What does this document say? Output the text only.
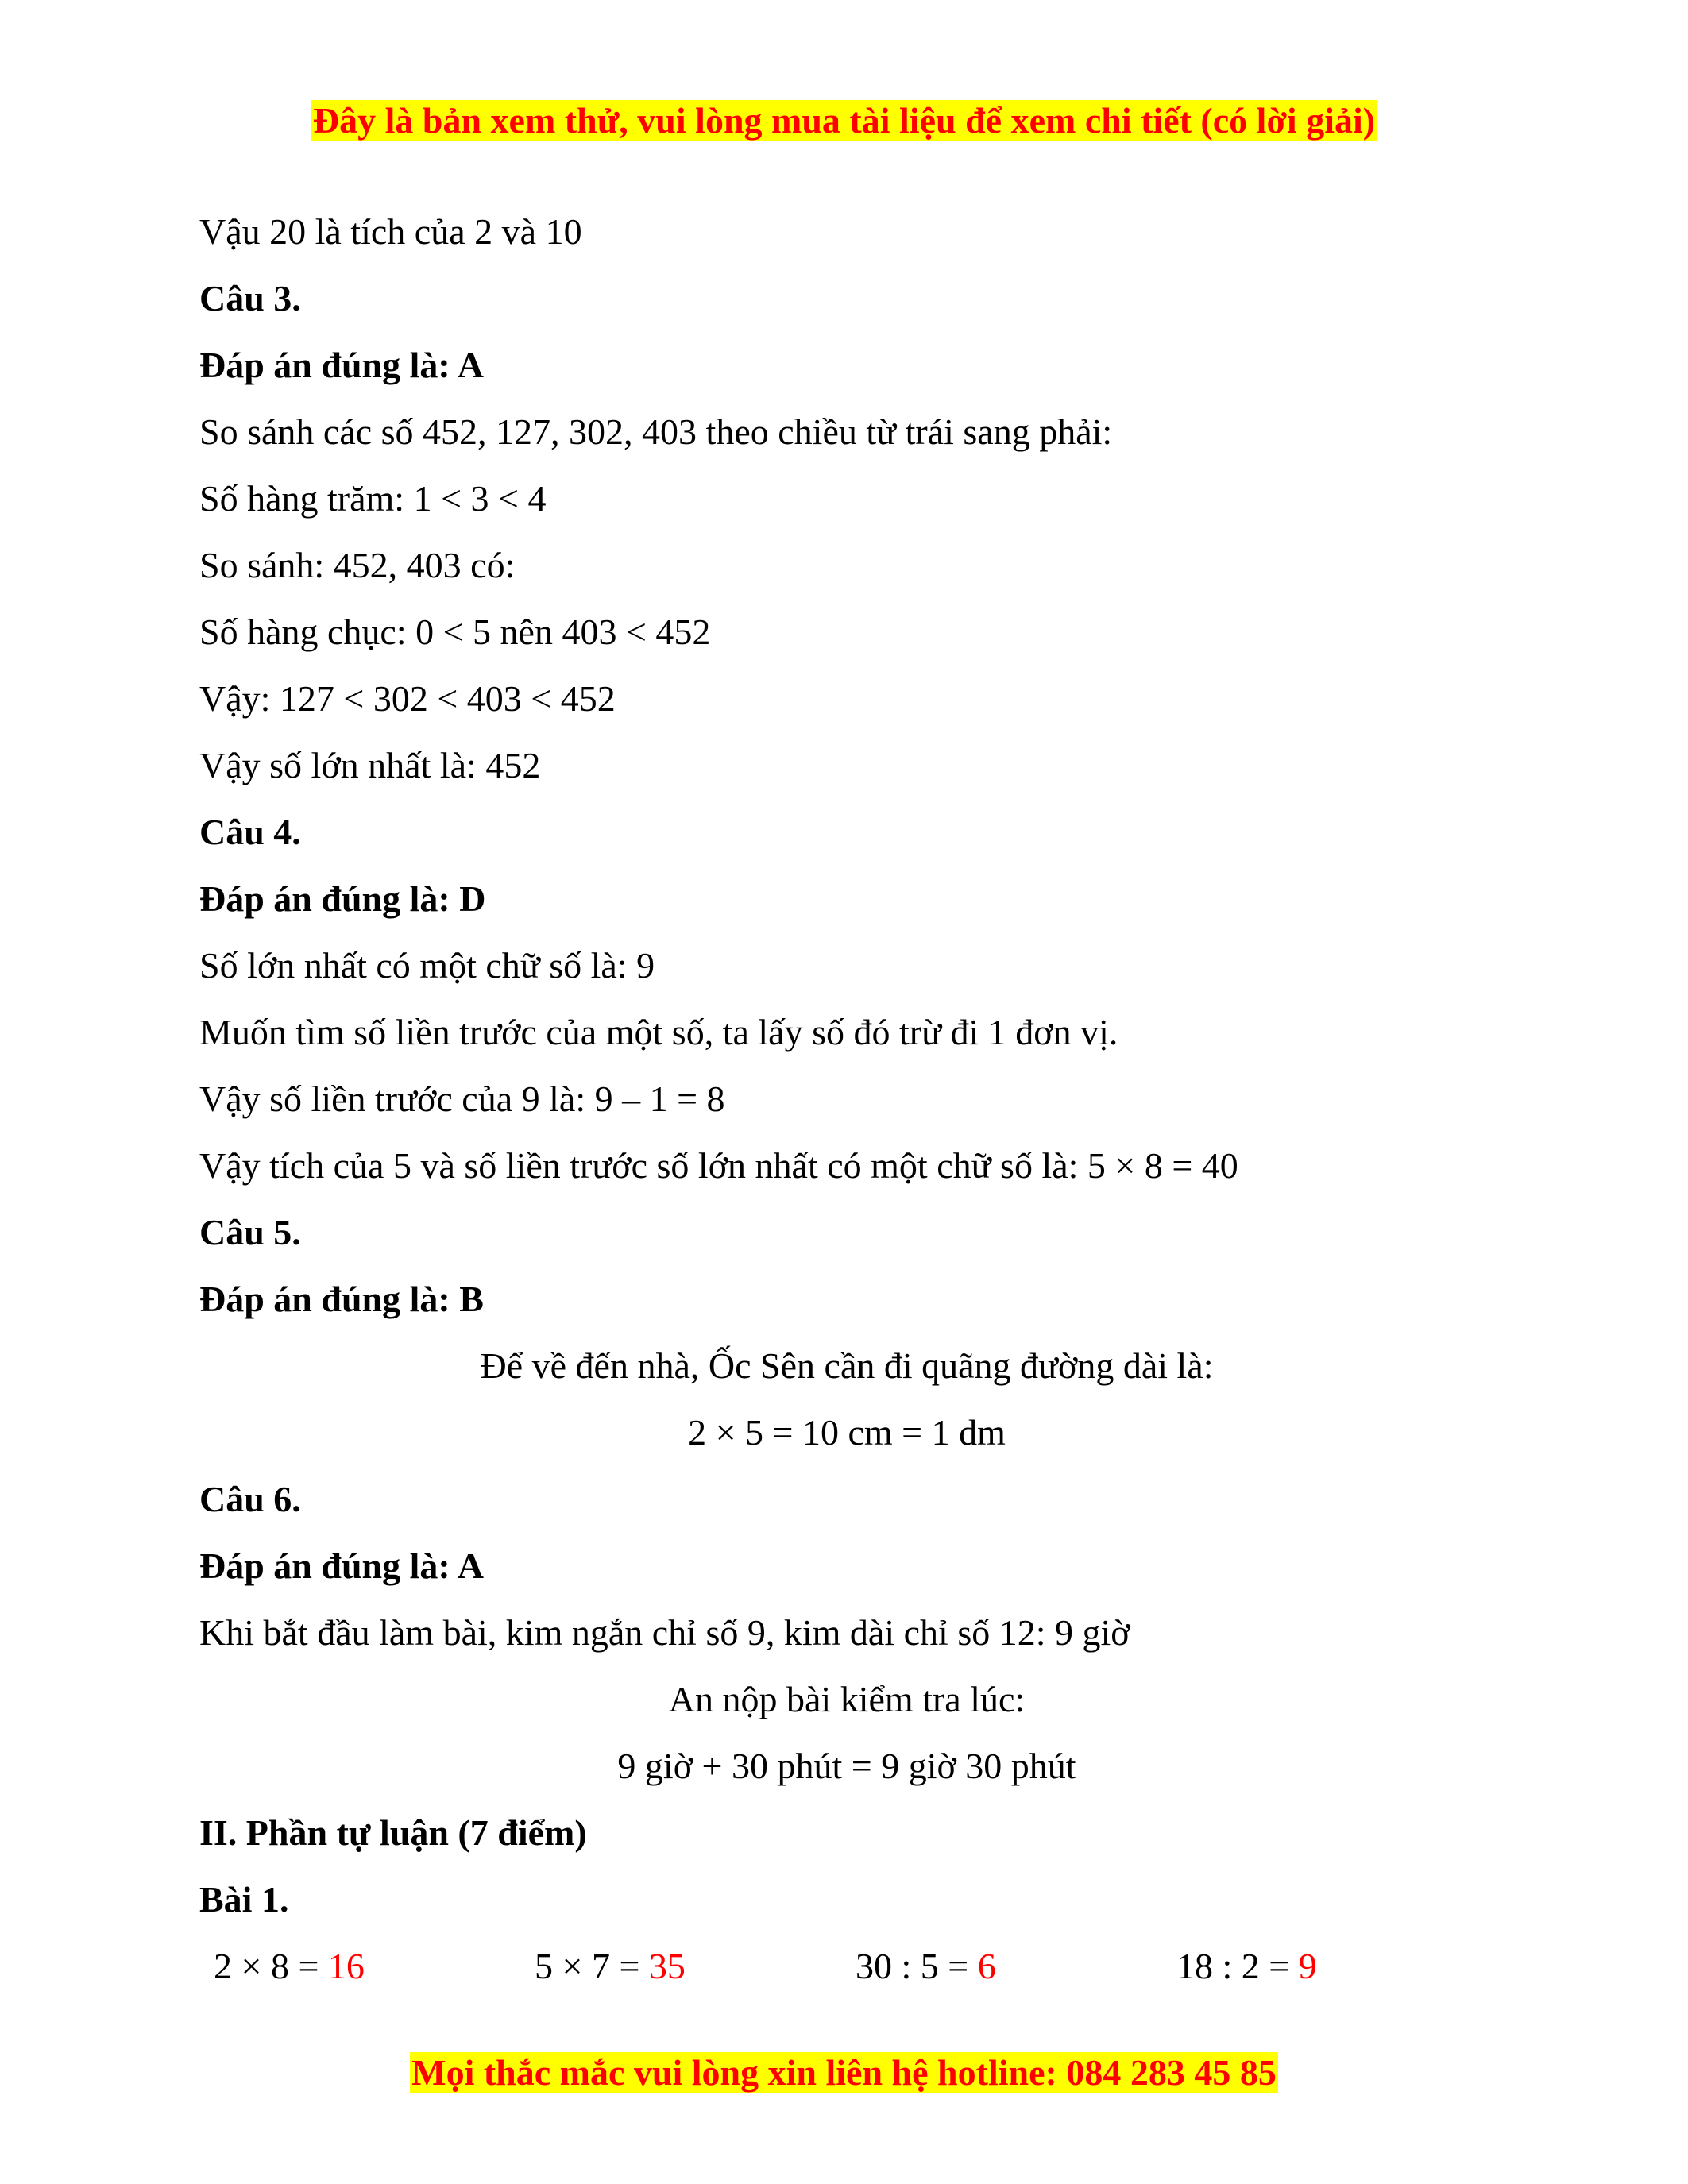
Đây là bản xem thử, vui lòng mua tài liệu để xem chi tiết (có lời giải)
Vậu 20 là tích của 2 và 10
Câu 3.
Đáp án đúng là: A
So sánh các số 452, 127, 302, 403 theo chiều từ trái sang phải:
Số hàng trăm: 1 < 3 < 4
So sánh: 452, 403 có:
Số hàng chục: 0 < 5 nên 403 < 452
Vậy: 127 < 302 < 403 < 452
Vậy số lớn nhất là: 452
Câu 4.
Đáp án đúng là: D
Số lớn nhất có một chữ số là: 9
Muốn tìm số liền trước của một số, ta lấy số đó trừ đi 1 đơn vị.
Vậy số liền trước của 9 là: 9 – 1 = 8
Vậy tích của 5 và số liền trước số lớn nhất có một chữ số là: 5 × 8 = 40
Câu 5.
Đáp án đúng là: B
Để về đến nhà, Ốc Sên cần đi quãng đường dài là:
2 × 5 = 10 cm = 1 dm
Câu 6.
Đáp án đúng là: A
Khi bắt đầu làm bài, kim ngắn chỉ số 9, kim dài chỉ số 12: 9 giờ
An nộp bài kiểm tra lúc:
9 giờ + 30 phút = 9 giờ 30 phút
II. Phần tự luận (7 điểm)
Bài 1.
2 × 8 = 16	5 × 7 = 35	30 : 5 = 6	18 : 2 = 9
Mọi thắc mắc vui lòng xin liên hệ hotline: 084 283 45 85
